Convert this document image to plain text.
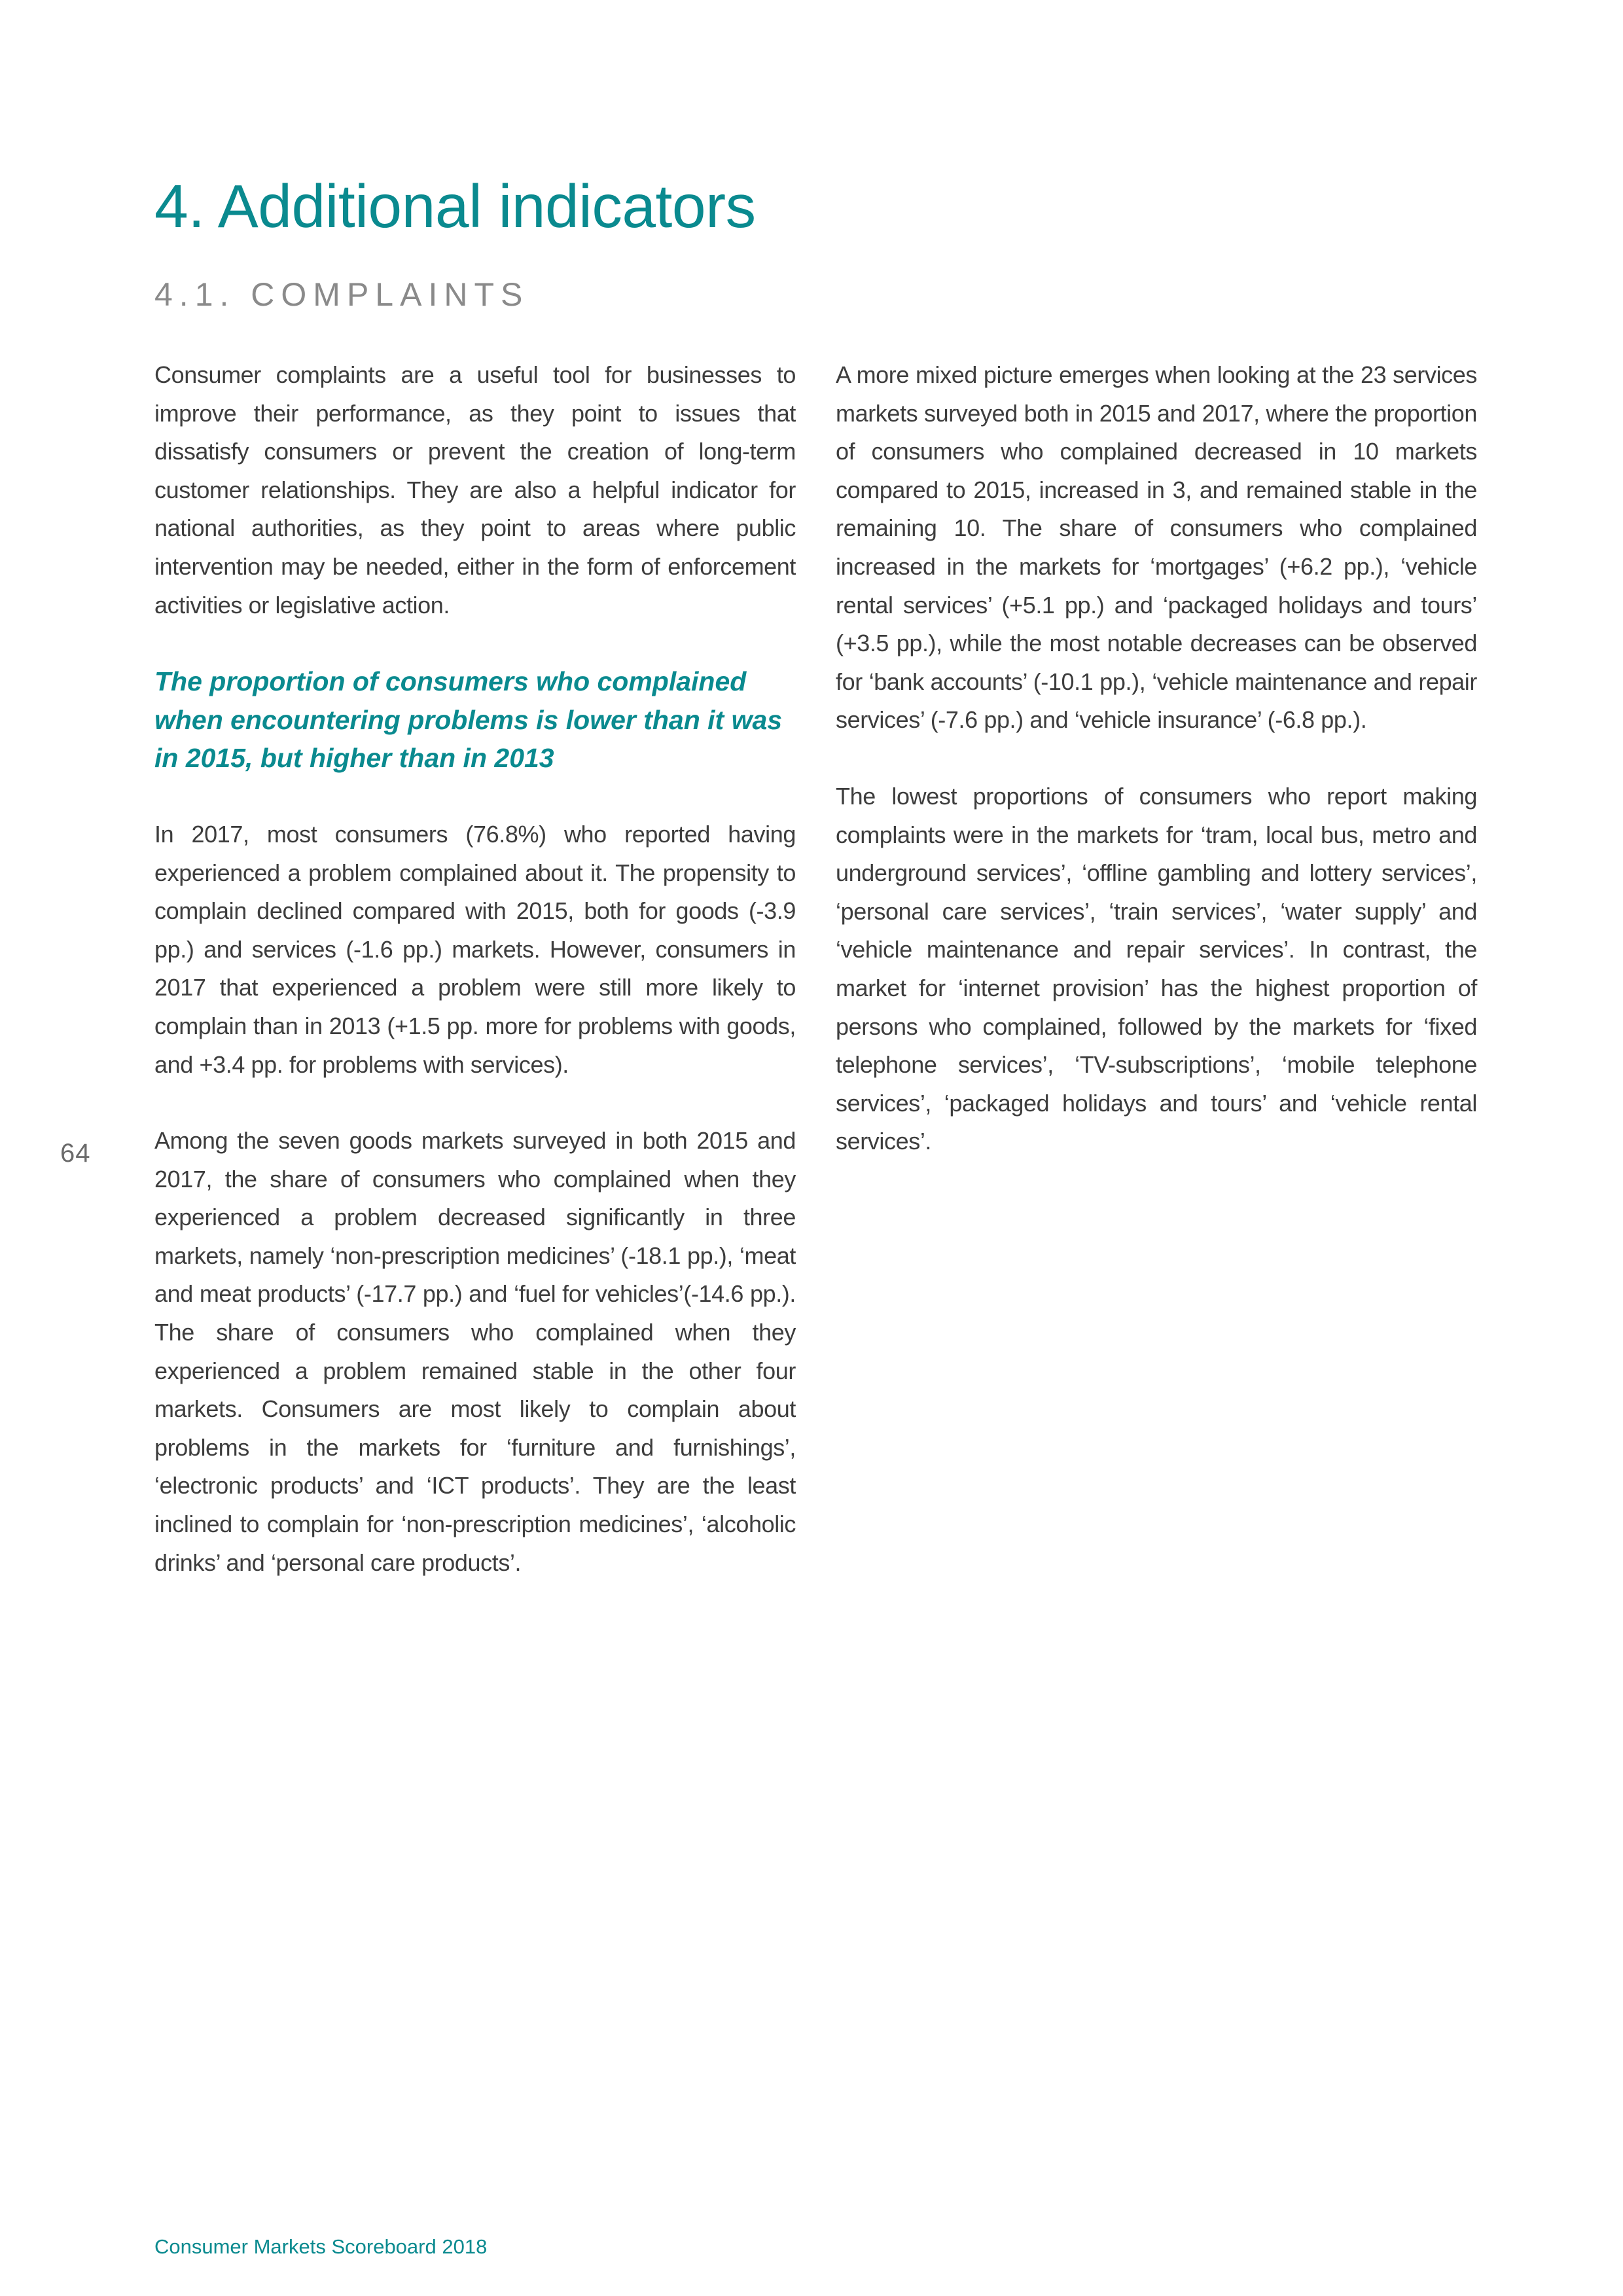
4. Additional indicators
4.1. COMPLAINTS

Consumer complaints are a useful tool for businesses to improve their performance, as they point to issues that dissatisfy consumers or prevent the creation of long-term customer relationships. They are also a helpful indicator for national authorities, as they point to areas where public intervention may be needed, either in the form of enforcement activities or legislative action.

The proportion of consumers who complained when encountering problems is lower than it was in 2015, but higher than in 2013

In 2017, most consumers (76.8%) who reported having experienced a problem complained about it. The propensity to complain declined compared with 2015, both for goods (-3.9 pp.) and services (-1.6 pp.) markets. However, consumers in 2017 that experienced a problem were still more likely to complain than in 2013 (+1.5 pp. more for problems with goods, and +3.4 pp. for problems with services).

Among the seven goods markets surveyed in both 2015 and 2017, the share of consumers who complained when they experienced a problem decreased significantly in three markets, namely ‘non-prescription medicines’ (-18.1 pp.), ‘meat and meat products’ (-17.7 pp.) and ‘fuel for vehicles’(-14.6 pp.). The share of consumers who complained when they experienced a problem remained stable in the other four markets. Consumers are most likely to complain about problems in the markets for ‘furniture and furnishings’, ‘electronic products’ and ‘ICT products’. They are the least inclined to complain for ‘non-prescription medicines’, ‘alcoholic drinks’ and ‘personal care products’.

A more mixed picture emerges when looking at the 23 services markets surveyed both in 2015 and 2017, where the proportion of consumers who complained decreased in 10 markets compared to 2015, increased in 3, and remained stable in the remaining 10. The share of consumers who complained increased in the markets for ‘mortgages’ (+6.2 pp.), ‘vehicle rental services’ (+5.1 pp.) and ‘packaged holidays and tours’ (+3.5 pp.), while the most notable decreases can be observed for ‘bank accounts’ (-10.1 pp.), ‘vehicle maintenance and repair services’ (-7.6 pp.) and ‘vehicle insurance’ (-6.8 pp.).

The lowest proportions of consumers who report making complaints were in the markets for ‘tram, local bus, metro and underground services’, ‘offline gambling and lottery services’, ‘personal care services’, ‘train services’, ‘water supply’ and ‘vehicle maintenance and repair services’. In contrast, the market for ‘internet provision’ has the highest proportion of persons who complained, followed by the markets for ‘fixed telephone services’, ‘TV-subscriptions’, ‘mobile telephone services’, ‘packaged holidays and tours’ and ‘vehicle rental services’.

64
Consumer Markets Scoreboard 2018
